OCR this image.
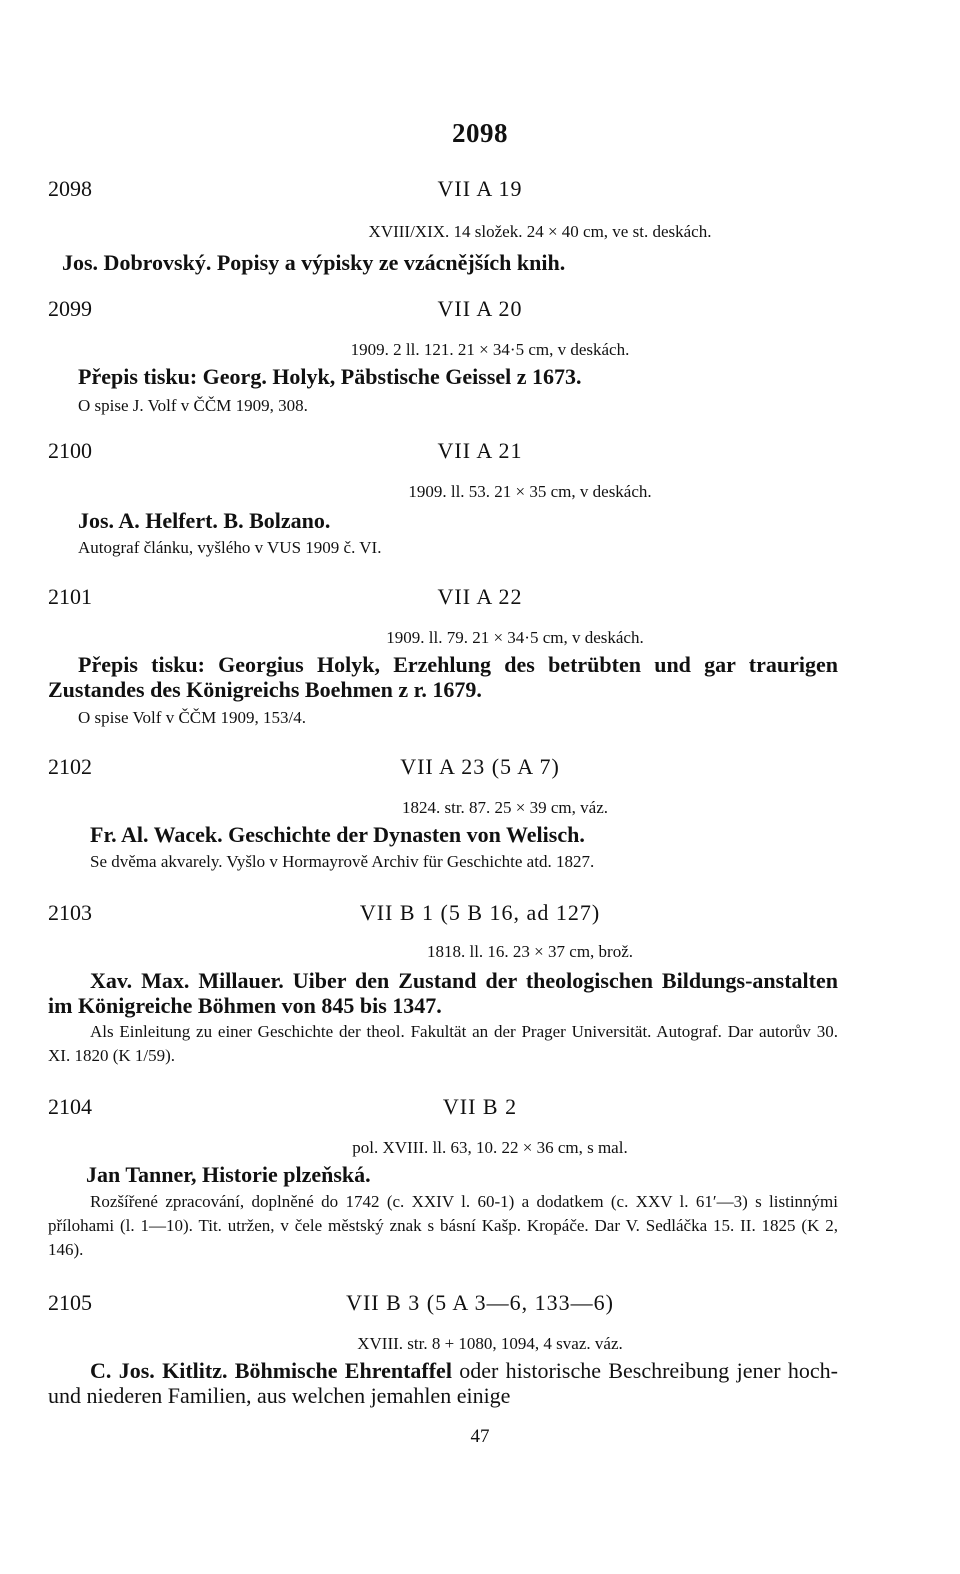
2098
2098	VII A 19
XVIII/XIX. 14 složek. 24 × 40 cm, ve st. deskách.
Jos. Dobrovský. Popisy a výpisky ze vzácnějších knih.
2099	VII A 20
1909. 2 ll. 121. 21 × 34·5 cm, v deskách.
Přepis tisku: Georg. Holyk, Päbstische Geissel z 1673.
O spise J. Volf v ČČM 1909, 308.
2100	VII A 21
1909. ll. 53. 21 × 35 cm, v deskách.
Jos. A. Helfert. B. Bolzano.
Autograf článku, vyšlého v VUS 1909 č. VI.
2101	VII A 22
1909. ll. 79. 21 × 34·5 cm, v deskách.
Přepis tisku: Georgius Holyk, Erzehlung des betrübten und gar traurigen Zustandes des Königreichs Boehmen z r. 1679.
O spise Volf v ČČM 1909, 153/4.
2102	VII A 23 (5 A 7)
1824. str. 87. 25 × 39 cm, váz.
Fr. Al. Wacek. Geschichte der Dynasten von Welisch.
Se dvěma akvarely. Vyšlo v Hormayrově Archiv für Geschichte atd. 1827.
2103	VII B 1 (5 B 16, ad 127)
1818. ll. 16. 23 × 37 cm, brož.
Xav. Max. Millauer. Uiber den Zustand der theologischen Bildungs-anstalten im Königreiche Böhmen von 845 bis 1347.
Als Einleitung zu einer Geschichte der theol. Fakultät an der Prager Universität. Autograf. Dar autorův 30. XI. 1820 (K 1/59).
2104	VII B 2
pol. XVIII. ll. 63, 10. 22 × 36 cm, s mal.
Jan Tanner, Historie plzeňská.
Rozšířené zpracování, doplněné do 1742 (c. XXIV l. 60-1) a dodatkem (c. XXV l. 61′—3) s listinnými přílohami (l. 1—10). Tit. utržen, v čele městský znak s básní Kašp. Kropáče. Dar V. Sedláčka 15. II. 1825 (K 2, 146).
2105	VII B 3 (5 A 3—6, 133—6)
XVIII. str. 8 + 1080, 1094, 4 svaz. váz.
C. Jos. Kitlitz. Böhmische Ehrentaffel oder historische Beschreibung jener hoch- und niederen Familien, aus welchen jemahlen einige
47
